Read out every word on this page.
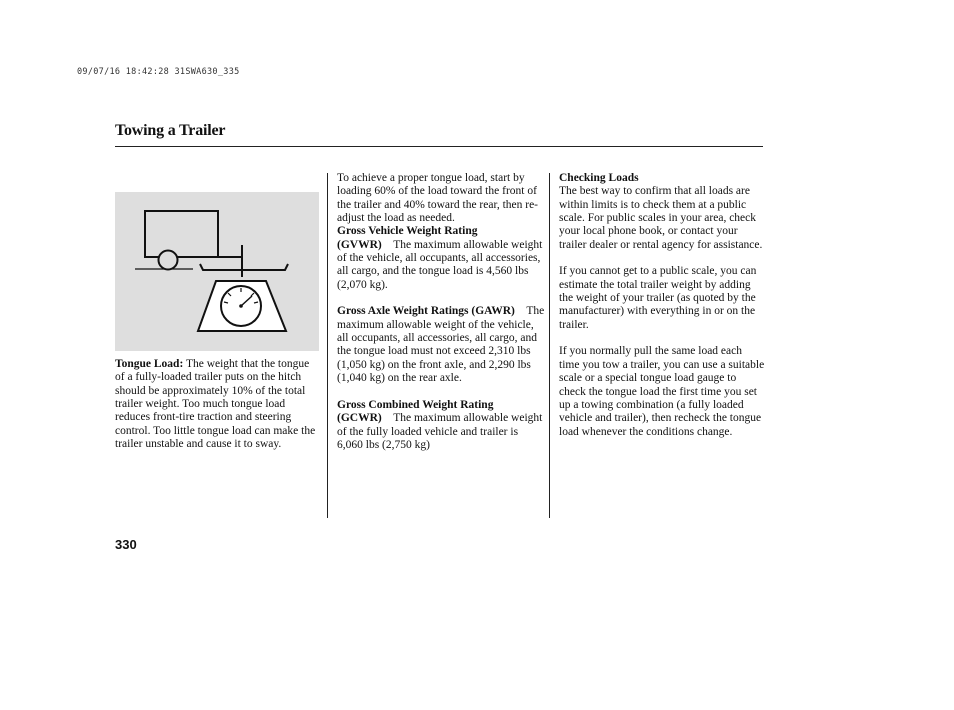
09/07/16 18:42:28 31SWA630_335
Towing a Trailer

Tongue Load: The weight that the tongue of a fully-loaded trailer puts on the hitch should be approximately 10% of the total trailer weight. Too much tongue load reduces front-tire traction and steering control. Too little tongue load can make the trailer unstable and cause it to sway.

To achieve a proper tongue load, start by loading 60% of the load toward the front of the trailer and 40% toward the rear, then re-adjust the load as needed.

Gross Vehicle Weight Rating (GVWR) The maximum allowable weight of the vehicle, all occupants, all accessories, all cargo, and the tongue load is 4,560 lbs (2,070 kg).

Gross Axle Weight Ratings (GAWR) The maximum allowable weight of the vehicle, all occupants, all accessories, all cargo, and the tongue load must not exceed 2,310 lbs (1,050 kg) on the front axle, and 2,290 lbs (1,040 kg) on the rear axle.

Gross Combined Weight Rating (GCWR) The maximum allowable weight of the fully loaded vehicle and trailer is 6,060 lbs (2,750 kg)

Checking Loads
The best way to confirm that all loads are within limits is to check them at a public scale. For public scales in your area, check your local phone book, or contact your trailer dealer or rental agency for assistance.

If you cannot get to a public scale, you can estimate the total trailer weight by adding the weight of your trailer (as quoted by the manufacturer) with everything in or on the trailer.

If you normally pull the same load each time you tow a trailer, you can use a suitable scale or a special tongue load gauge to check the tongue load the first time you set up a towing combination (a fully loaded vehicle and trailer), then recheck the tongue load whenever the conditions change.

330
